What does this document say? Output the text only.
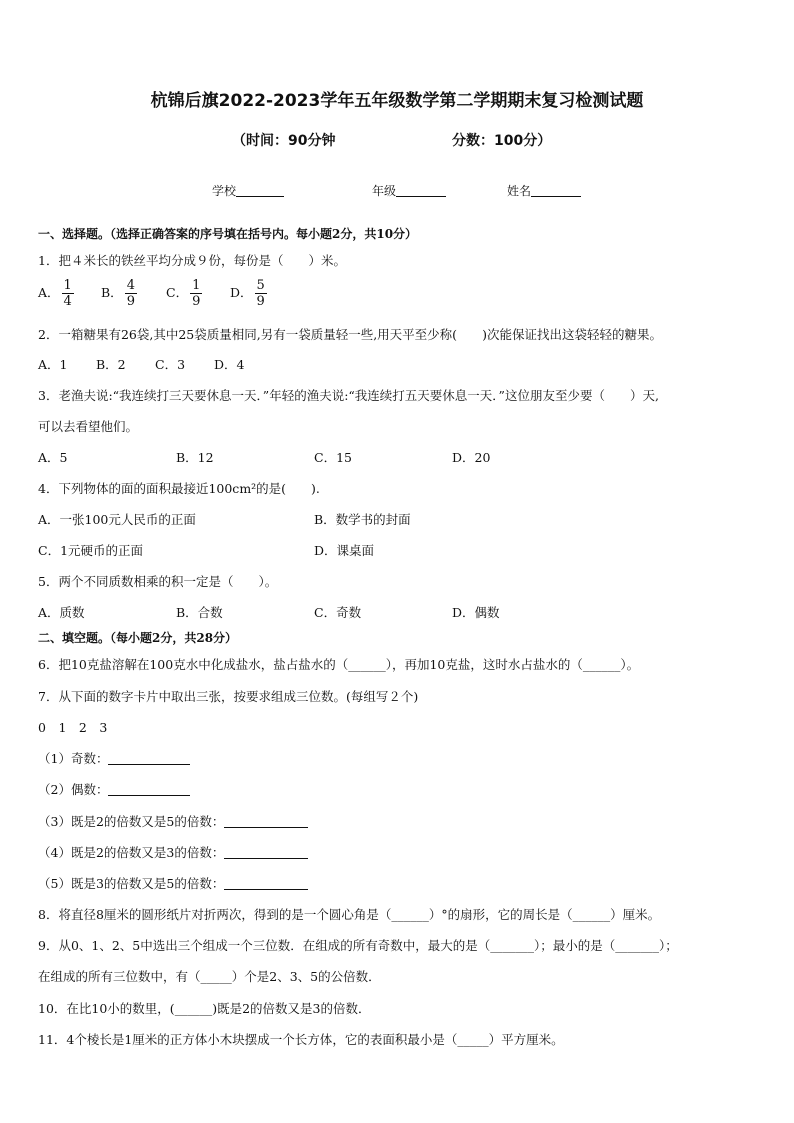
杭锦后旗2022-2023学年五年级数学第二学期期末复习检测试题
（时间：90分钟	分数：100分）
学校	年级	姓名
一、选择题。（选择正确答案的序号填在括号内。每小题2分，共10分）
1．把４米长的铁丝平均分成９份，每份是（　　）米。
A． $\frac{1}{4}$ B． $\frac{4}{9}$ C． $\frac{1}{9}$ D． $\frac{5}{9}$
2．一箱糖果有26袋,其中25袋质量相同,另有一袋质量轻一些,用天平至少称(　　)次能保证找出这袋轻轻的糖果。
A．1 B．2 C．3 D．4
3．老渔夫说:“我连续打三天要休息一天．”年轻的渔夫说:“我连续打五天要休息一天．”这位朋友至少要（　　）天,
可以去看望他们。
A．5	B．12	C．15	D．20
4．下列物体的面的面积最接近100cm²的是(　　).
A．一张100元人民币的正面	B．数学书的封面
C．1元硬币的正面	D．课桌面
5．两个不同质数相乘的积一定是（　　）。
A．质数	B．合数	C．奇数	D．偶数
二、填空题。（每小题2分，共28分）
6．把10克盐溶解在100克水中化成盐水，盐占盐水的（______），再加10克盐，这时水占盐水的（______）。
7．从下面的数字卡片中取出三张，按要求组成三位数。(每组写２个)
0　1　2　3
（1）奇数：
（2）偶数：
（3）既是2的倍数又是5的倍数：
（4）既是2的倍数又是3的倍数：
（5）既是3的倍数又是5的倍数：
8．将直径8厘米的圆形纸片对折两次，得到的是一个圆心角是（______）°的扇形，它的周长是（______）厘米。
9．从0、1、2、5中选出三个组成一个三位数．在组成的所有奇数中，最大的是（_______）；最小的是（_______）；
在组成的所有三位数中，有（_____）个是2、3、5的公倍数．
10．在比10小的数里，(______)既是2的倍数又是3的倍数．
11．4个棱长是1厘米的正方体小木块摆成一个长方体，它的表面积最小是（_____）平方厘米。
